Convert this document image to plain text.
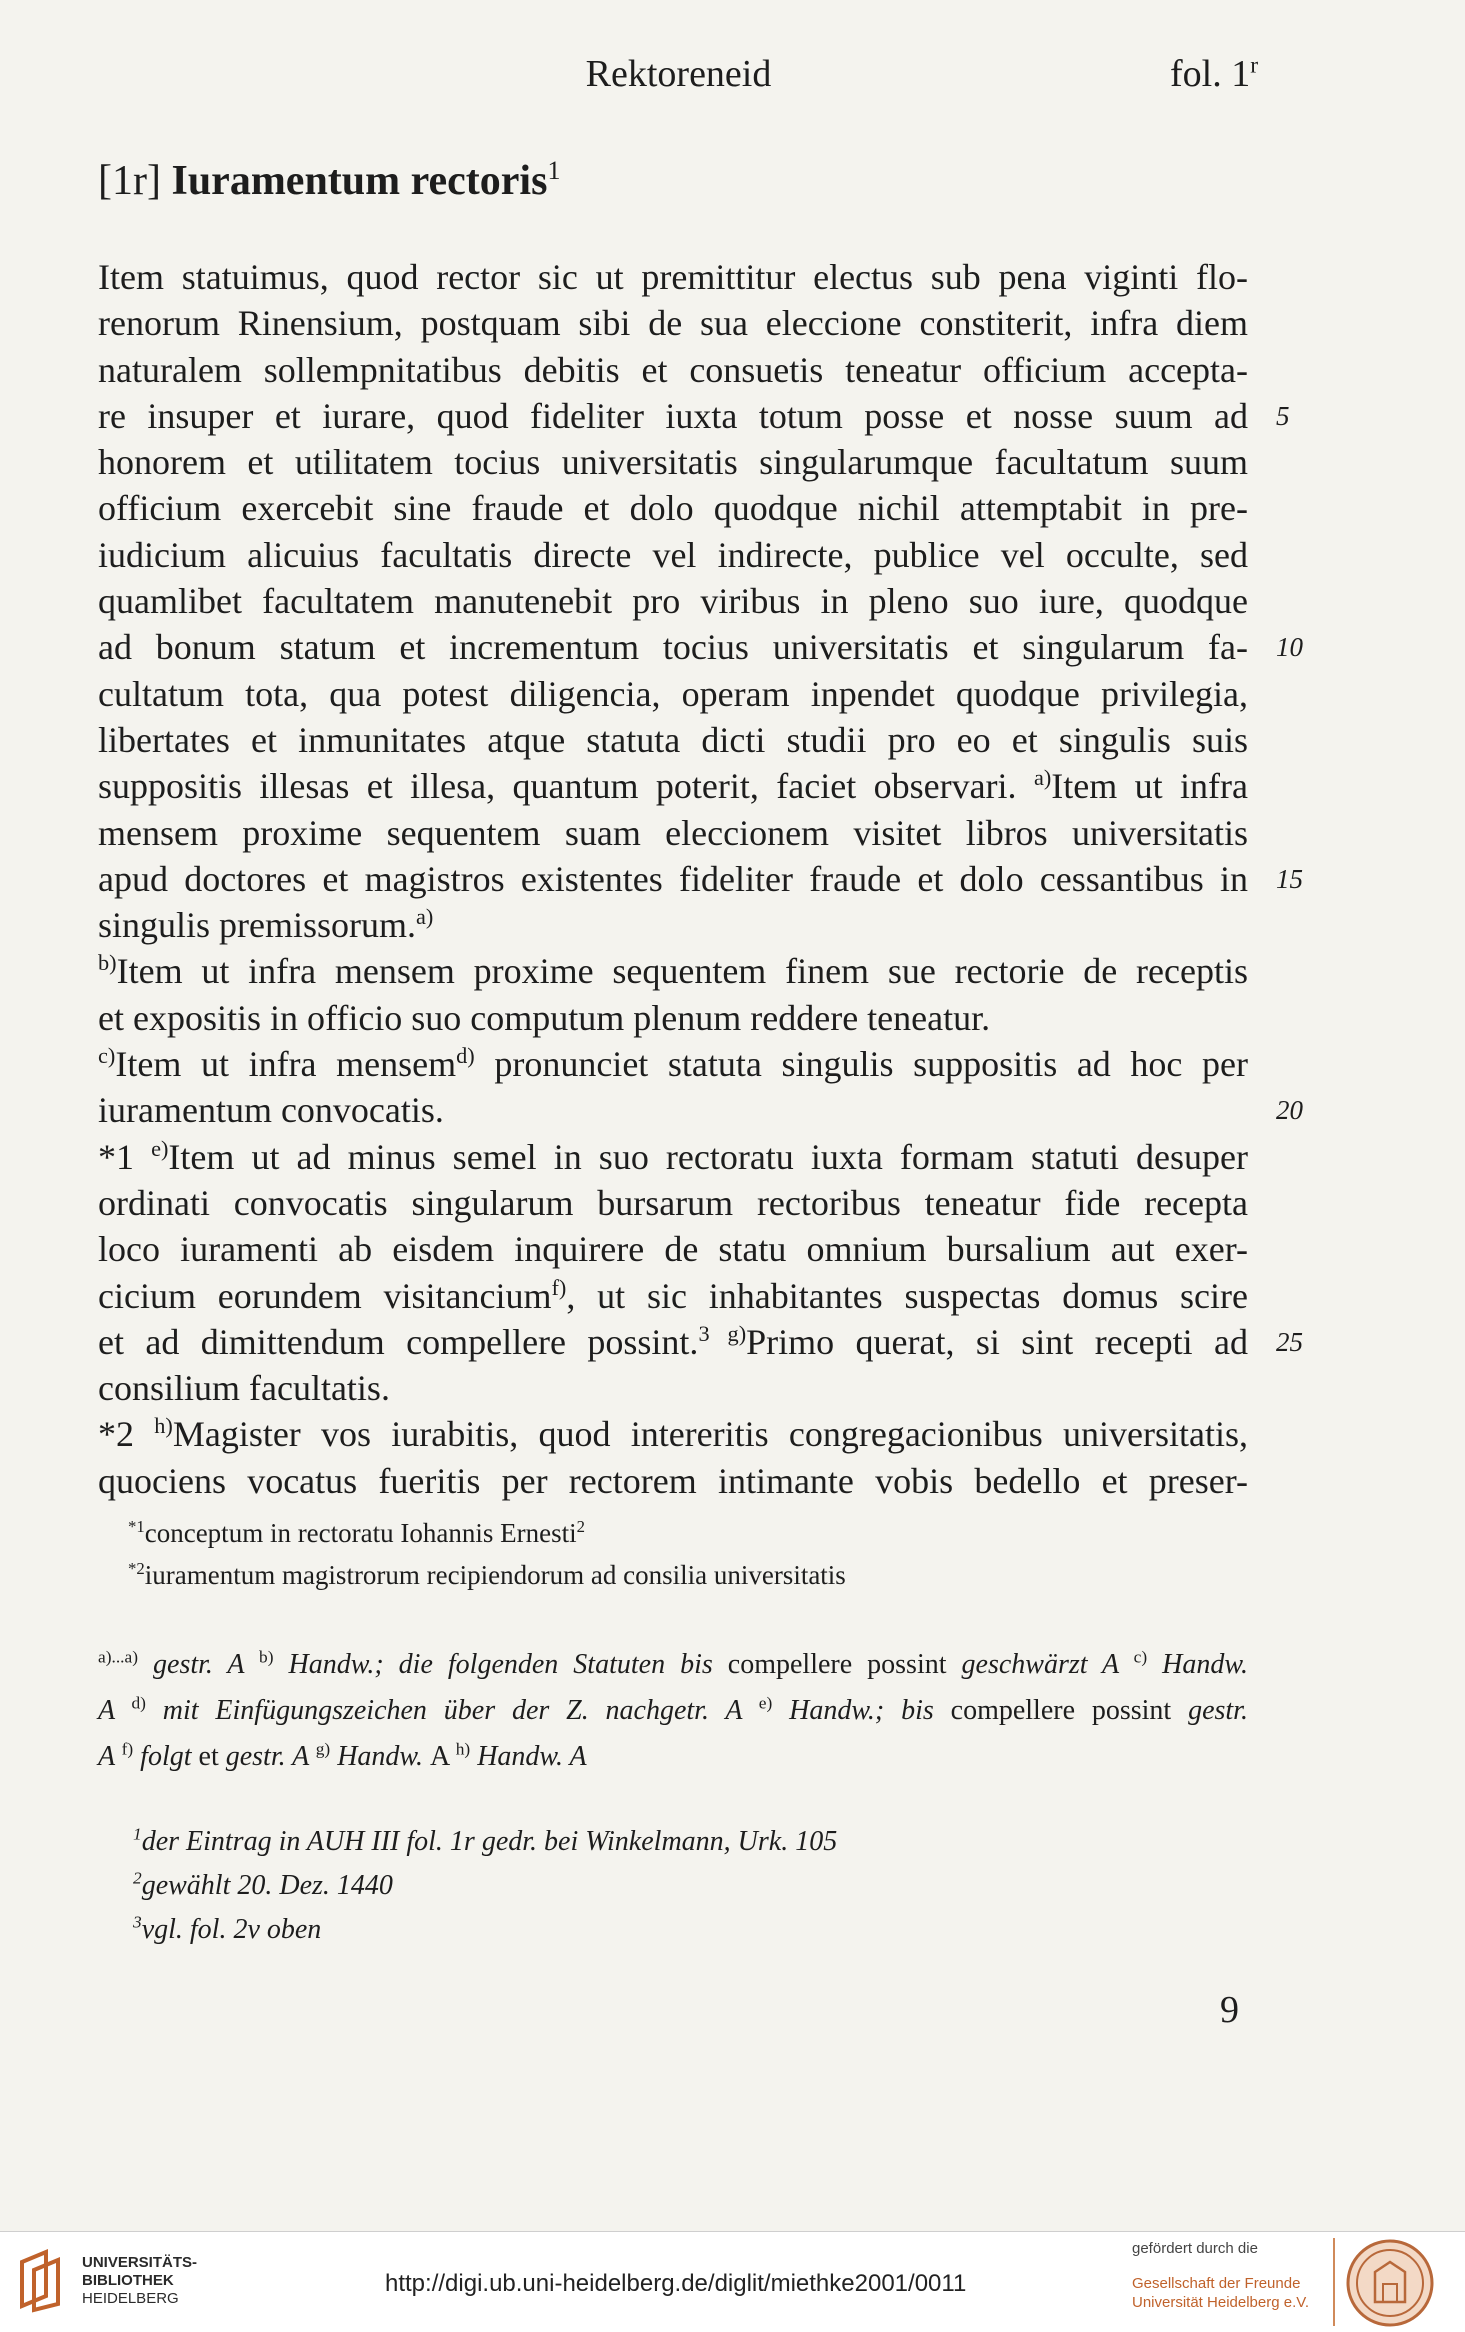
Rektoreneid	fol. 1$^r$
[1r] Iuramentum rectoris$^1$
Item statuimus, quod rector sic ut premittitur electus sub pena viginti flo-
renorum Rinensium, postquam sibi de sua eleccione constiterit, infra diem
naturalem sollempnitatibus debitis et consuetis teneatur officium accepta-
re insuper et iurare, quod fideliter iuxta totum posse et nosse suum ad 5
honorem et utilitatem tocius universitatis singularumque facultatum suum
officium exercebit sine fraude et dolo quodque nichil attemptabit in pre-
iudicium alicuius facultatis directe vel indirecte, publice vel occulte, sed
quamlibet facultatem manutenebit pro viribus in pleno suo iure, quodque
ad bonum statum et incrementum tocius universitatis et singularum fa- 10
cultatum tota, qua potest diligencia, operam inpendet quodque privilegia,
libertates et inmunitates atque statuta dicti studii pro eo et singulis suis
suppositis illesas et illesa, quantum poterit, faciet observari. $^{a)}$Item ut infra
mensem proxime sequentem suam eleccionem visitet libros universitatis
apud doctores et magistros existentes fideliter fraude et dolo cessantibus in 15
singulis premissorum.$^{a)}$
$^{b)}$Item ut infra mensem proxime sequentem finem sue rectorie de receptis
et expositis in officio suo computum plenum reddere teneatur.
$^{c)}$Item ut infra mensem$^{d)}$ pronunciet statuta singulis suppositis ad hoc per
iuramentum convocatis.	20
*1 $^{e)}$Item ut ad minus semel in suo rectoratu iuxta formam statuti desuper
ordinati convocatis singularum bursarum rectoribus teneatur fide recepta
loco iuramenti ab eisdem inquirere de statu omnium bursalium aut exer-
cicium eorundem visitancium$^{f)}$, ut sic inhabitantes suspectas domus scire
et ad dimittendum compellere possint.$^3$ $^{g)}$Primo querat, si sint recepti ad 25
consilium facultatis.
*2 $^{h)}$Magister vos iurabitis, quod intereritis congregacionibus universitatis,
quociens vocatus fueritis per rectorem intimante vobis bedello et preser-
$^{*1}$conceptum in rectoratu Iohannis Ernesti$^2$
$^{*2}$iuramentum magistrorum recipiendorum ad consilia universitatis
$^{a)...a)}$ gestr. A $^{b)}$ Handw.; die folgenden Statuten bis compellere possint geschwärzt A $^{c)}$ Handw.
A $^{d)}$ mit Einfügungszeichen über der Z. nachgetr. A $^{e)}$ Handw.; bis compellere possint gestr.
A $^{f)}$ folgt et gestr. A $^{g)}$ Handw. A $^{h)}$ Handw. A
$^1$der Eintrag in AUH III fol. 1r gedr. bei Winkelmann, Urk. 105
$^2$gewählt 20. Dez. 1440
$^3$vgl. fol. 2v oben
9
UNIVERSITÄTS-
BIBLIOTHEK
HEIDELBERG
http://digi.ub.uni-heidelberg.de/diglit/miethke2001/0011
gefördert durch die
Gesellschaft der Freunde
Universität Heidelberg e.V.
